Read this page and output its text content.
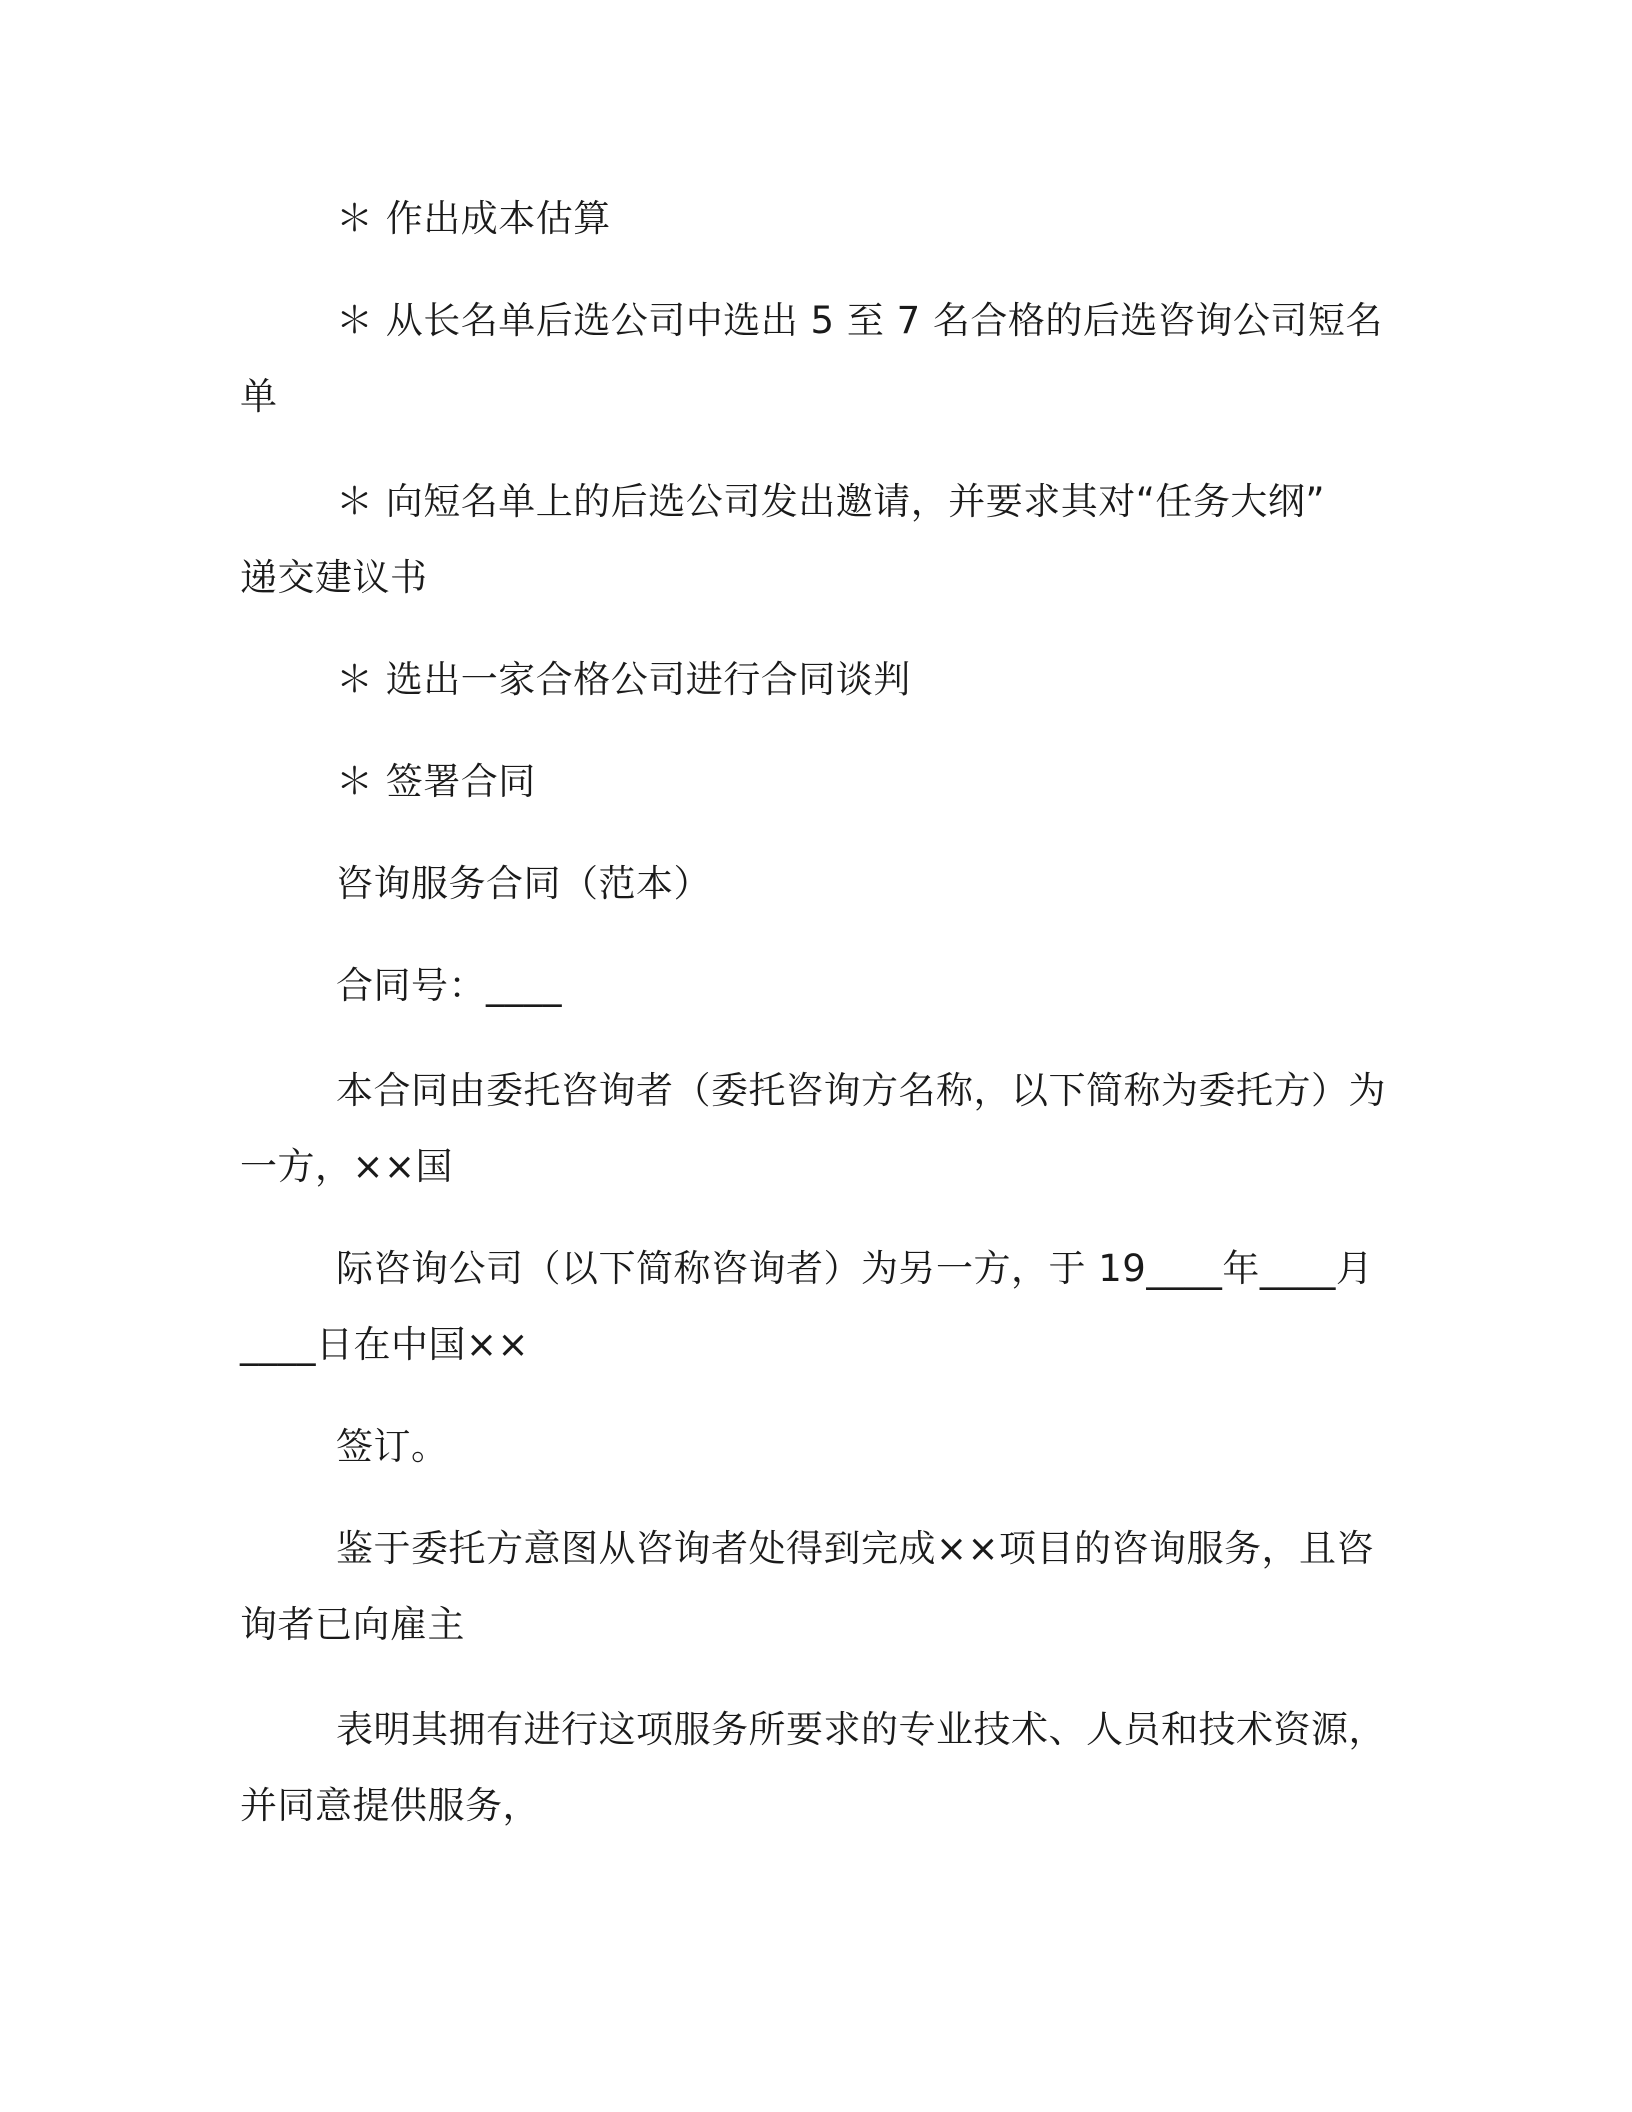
＊ 作出成本估算
＊ 从长名单后选公司中选出 5 至 7 名合格的后选咨询公司短名
单
＊ 向短名单上的后选公司发出邀请，并要求其对“任务大纲”
递交建议书
＊ 选出一家合格公司进行合同谈判
＊ 签署合同
咨询服务合同（范本）
合同号：____
本合同由委托咨询者（委托咨询方名称，以下简称为委托方）为
一方，××国
际咨询公司（以下简称咨询者）为另一方，于 19____年____月
____日在中国××
签订。
鉴于委托方意图从咨询者处得到完成××项目的咨询服务，且咨
询者已向雇主
表明其拥有进行这项服务所要求的专业技术、人员和技术资源，
并同意提供服务，
